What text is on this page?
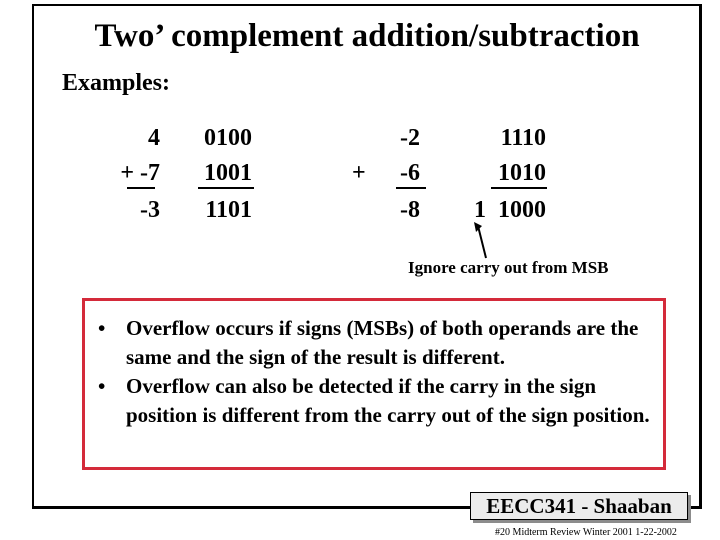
Two’ complement addition/subtraction
Examples:
4
+ -7
-3
0100
1001
1101
+
-2
-6
-8
1110
1010
1  1000
Ignore carry out from MSB

• Overflow occurs if signs (MSBs) of both operands are the same and the sign of the result is different.

• Overflow can also be detected if the carry in the sign position is different from the carry out of the sign position.

EECC341 - Shaaban
#20 Midterm Review Winter 2001 1-22-2002
